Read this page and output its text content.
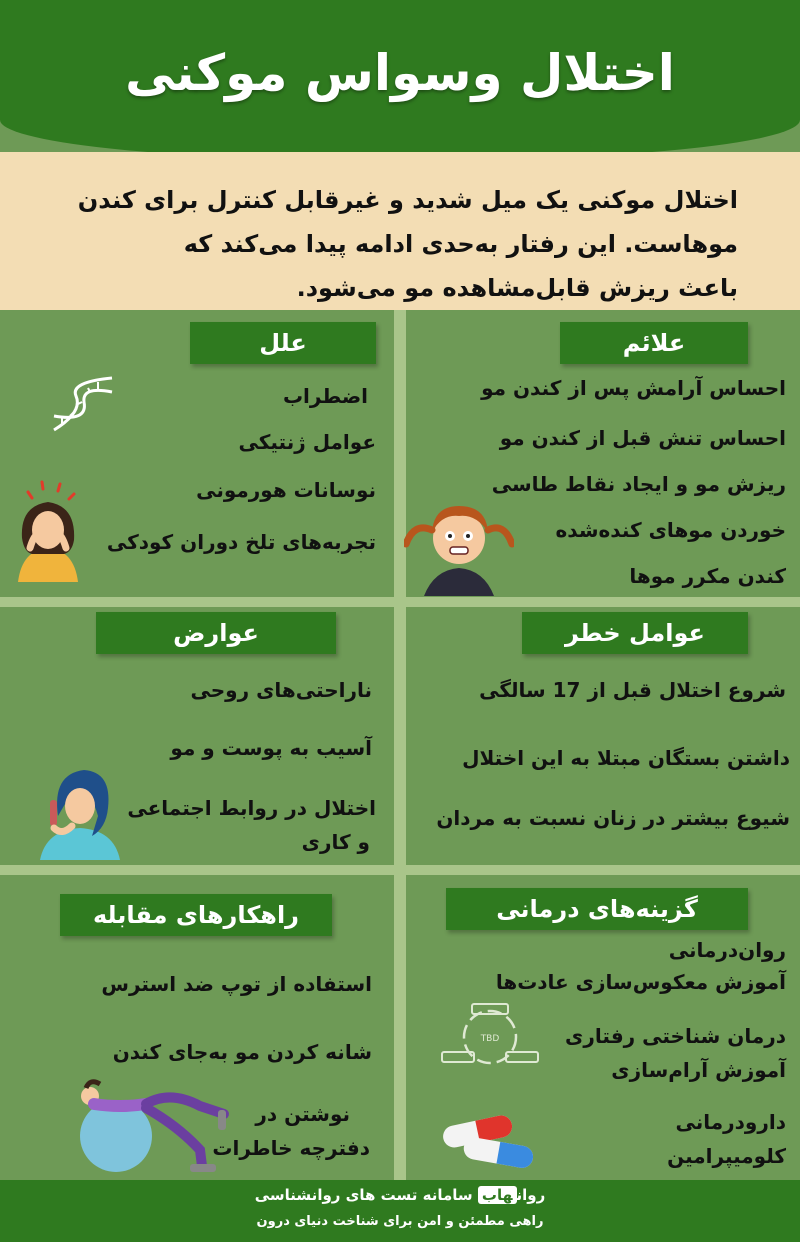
اختلال وسواس موکنی
اختلال موکنی یک میل شدید و غیرقابل کنترل برای کندن
موهاست. این رفتار به‌حدی ادامه پیدا می‌کند که
باعث ریزش قابل‌مشاهده مو می‌شود.
علائم
احساس آرامش پس از کندن مو
احساس تنش قبل از کندن مو
ریزش مو و ایجاد نقاط طاسی
خوردن موهای کنده‌شده
کندن مکرر موها
علل
اضطراب
عوامل ژنتیکی
نوسانات هورمونی
تجربه‌های تلخ دوران کودکی
عوامل خطر
شروع اختلال قبل از 17 سالگی
داشتن بستگان مبتلا به این اختلال
شیوع بیشتر در زنان نسبت به مردان
عوارض
ناراحتی‌های روحی
آسیب به پوست و مو
اختلال در روابط اجتماعی
و کاری
گزینه‌های درمانی
روان‌درمانی
آموزش معکوس‌سازی عادت‌ها
درمان شناختی رفتاری
آموزش آرام‌سازی
دارودرمانی
کلومیپرامین
TBD
راهکارهای مقابله
استفاده از توپ ضد استرس
شانه کردن مو به‌جای کندن
نوشتن در
دفترچه خاطرات
روانهاب سامانه تست های روانشناسی
راهی مطمئن و امن برای شناخت دنیای درون
